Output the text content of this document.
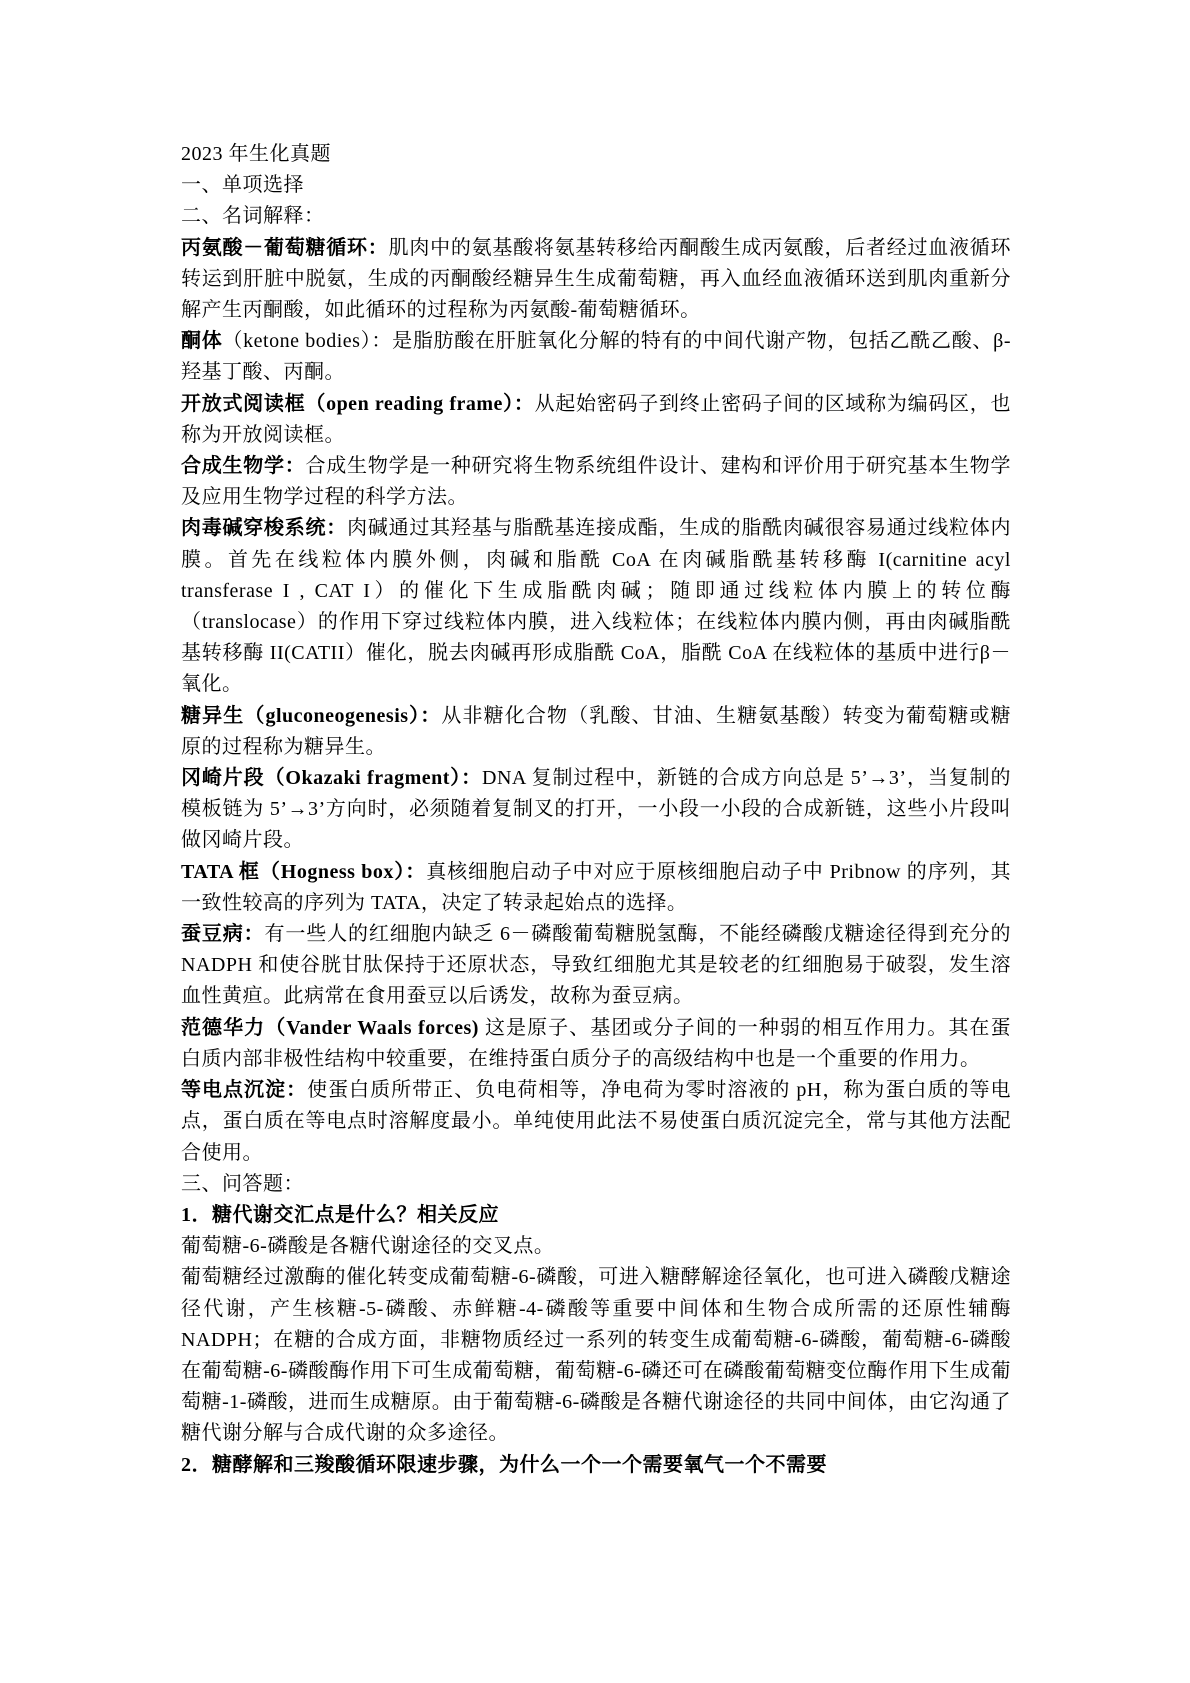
2023 年生化真题

一、单项选择

二、名词解释：

丙氨酸－葡萄糖循环：肌肉中的氨基酸将氨基转移给丙酮酸生成丙氨酸，后者经过血液循环转运到肝脏中脱氨，生成的丙酮酸经糖异生生成葡萄糖，再入血经血液循环送到肌肉重新分解产生丙酮酸，如此循环的过程称为丙氨酸-葡萄糖循环。

酮体（ketone bodies）：是脂肪酸在肝脏氧化分解的特有的中间代谢产物，包括乙酰乙酸、β-羟基丁酸、丙酮。

开放式阅读框（open reading frame）：从起始密码子到终止密码子间的区域称为编码区，也称为开放阅读框。

合成生物学：合成生物学是一种研究将生物系统组件设计、建构和评价用于研究基本生物学及应用生物学过程的科学方法。

肉毒碱穿梭系统：肉碱通过其羟基与脂酰基连接成酯，生成的脂酰肉碱很容易通过线粒体内膜。首先在线粒体内膜外侧，肉碱和脂酰 CoA 在肉碱脂酰基转移酶 I(carnitine acyl transferase I , CAT I）的催化下生成脂酰肉碱；随即通过线粒体内膜上的转位酶（translocase）的作用下穿过线粒体内膜，进入线粒体；在线粒体内膜内侧，再由肉碱脂酰基转移酶 II(CATII）催化，脱去肉碱再形成脂酰 CoA，脂酰 CoA 在线粒体的基质中进行β－氧化。

糖异生（gluconeogenesis）：从非糖化合物（乳酸、甘油、生糖氨基酸）转变为葡萄糖或糖原的过程称为糖异生。

冈崎片段（Okazaki fragment）：DNA 复制过程中，新链的合成方向总是 5’→3’，当复制的模板链为 5’→3’方向时，必须随着复制叉的打开，一小段一小段的合成新链，这些小片段叫做冈崎片段。

TATA 框（Hogness box）：真核细胞启动子中对应于原核细胞启动子中 Pribnow 的序列，其一致性较高的序列为 TATA，决定了转录起始点的选择。

蚕豆病：有一些人的红细胞内缺乏 6－磷酸葡萄糖脱氢酶，不能经磷酸戊糖途径得到充分的 NADPH 和使谷胱甘肽保持于还原状态，导致红细胞尤其是较老的红细胞易于破裂，发生溶血性黄疸。此病常在食用蚕豆以后诱发，故称为蚕豆病。

范德华力（Vander Waals forces) 这是原子、基团或分子间的一种弱的相互作用力。其在蛋白质内部非极性结构中较重要，在维持蛋白质分子的高级结构中也是一个重要的作用力。

等电点沉淀：使蛋白质所带正、负电荷相等，净电荷为零时溶液的 pH，称为蛋白质的等电点，蛋白质在等电点时溶解度最小。单纯使用此法不易使蛋白质沉淀完全，常与其他方法配合使用。

三、问答题：

1．糖代谢交汇点是什么？相关反应

葡萄糖-6-磷酸是各糖代谢途径的交叉点。

葡萄糖经过激酶的催化转变成葡萄糖-6-磷酸，可进入糖酵解途径氧化，也可进入磷酸戊糖途径代谢，产生核糖-5-磷酸、赤鲜糖-4-磷酸等重要中间体和生物合成所需的还原性辅酶 NADPH；在糖的合成方面，非糖物质经过一系列的转变生成葡萄糖-6-磷酸，葡萄糖-6-磷酸在葡萄糖-6-磷酸酶作用下可生成葡萄糖，葡萄糖-6-磷还可在磷酸葡萄糖变位酶作用下生成葡萄糖-1-磷酸，进而生成糖原。由于葡萄糖-6-磷酸是各糖代谢途径的共同中间体，由它沟通了糖代谢分解与合成代谢的众多途径。

2．糖酵解和三羧酸循环限速步骤，为什么一个一个需要氧气一个不需要
